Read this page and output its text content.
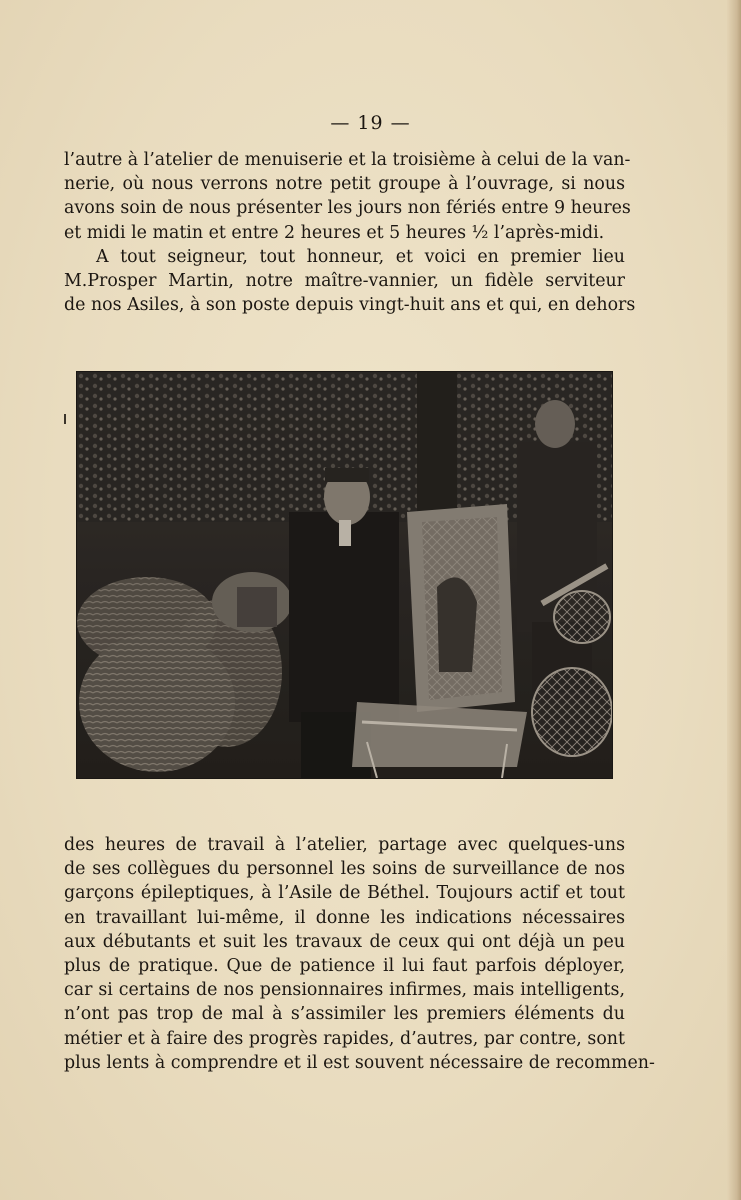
— 19 —
l’autre à l’atelier de menuiserie et la troisième à celui de la van-
nerie, où nous verrons notre petit groupe à l’ouvrage, si nous
avons soin de nous présenter les jours non fériés entre 9 heures
et midi le matin et entre 2 heures et 5 heures ½ l’après-midi.
A tout seigneur, tout honneur, et voici en premier lieu
M.Prosper Martin, notre maître-vannier, un fidèle serviteur
de nos Asiles, à son poste depuis vingt-huit ans et qui, en dehors
des heures de travail à l’atelier, partage avec quelques-uns
de ses collègues du personnel les soins de surveillance de nos
garçons épileptiques, à l’Asile de Béthel. Toujours actif et tout
en travaillant lui-même, il donne les indications nécessaires
aux débutants et suit les travaux de ceux qui ont déjà un peu
plus de pratique. Que de patience il lui faut parfois déployer,
car si certains de nos pensionnaires infirmes, mais intelligents,
n’ont pas trop de mal à s’assimiler les premiers éléments du
métier et à faire des progrès rapides, d’autres, par contre, sont
plus lents à comprendre et il est souvent nécessaire de recommen-
